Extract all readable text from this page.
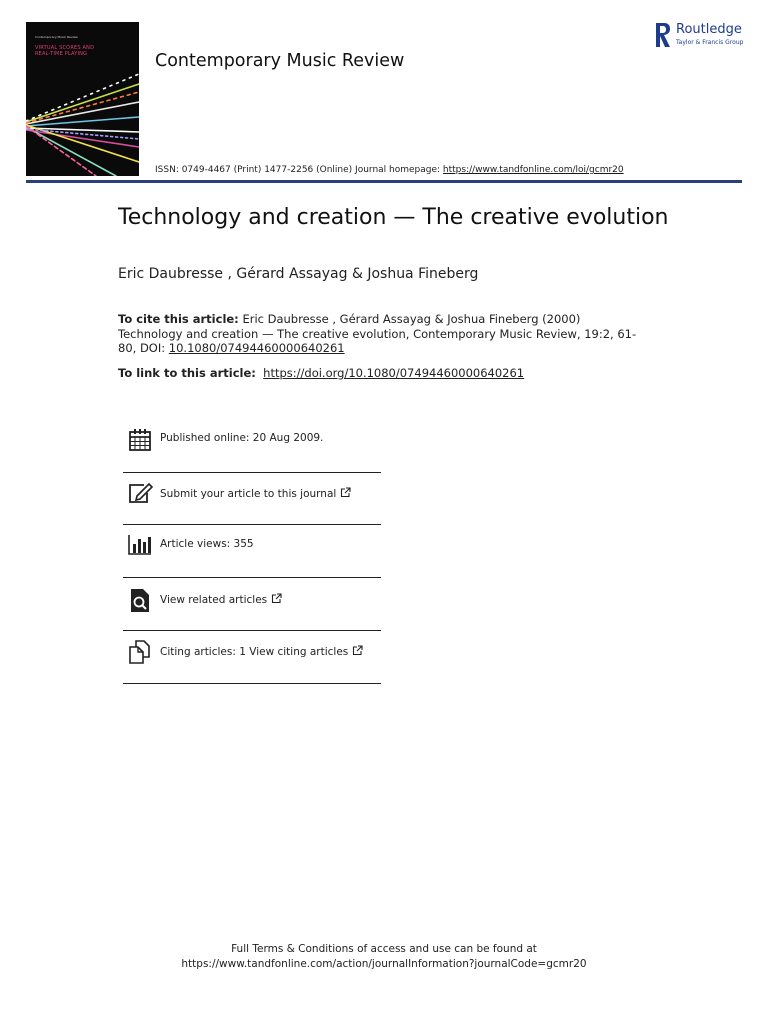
Contemporary Music Review
VIRTUAL SCORES AND
REAL-TIME PLAYING	Contemporary Music Review
Routledge
Taylor & Francis Group
ISSN: 0749-4467 (Print) 1477-2256 (Online) Journal homepage: https://www.tandfonline.com/loi/gcmr20
Technology and creation — The creative evolution
Eric Daubresse , Gérard Assayag & Joshua Fineberg
To cite this article: Eric Daubresse , Gérard Assayag & Joshua Fineberg (2000) Technology and creation — The creative evolution, Contemporary Music Review, 19:2, 61-80, DOI: 10.1080/07494460000640261
To link to this article: https://doi.org/10.1080/07494460000640261
Published online: 20 Aug 2009.
Submit your article to this journal
Article views: 355
View related articles
Citing articles: 1 View citing articles
Full Terms & Conditions of access and use can be found at
https://www.tandfonline.com/action/journalInformation?journalCode=gcmr20
